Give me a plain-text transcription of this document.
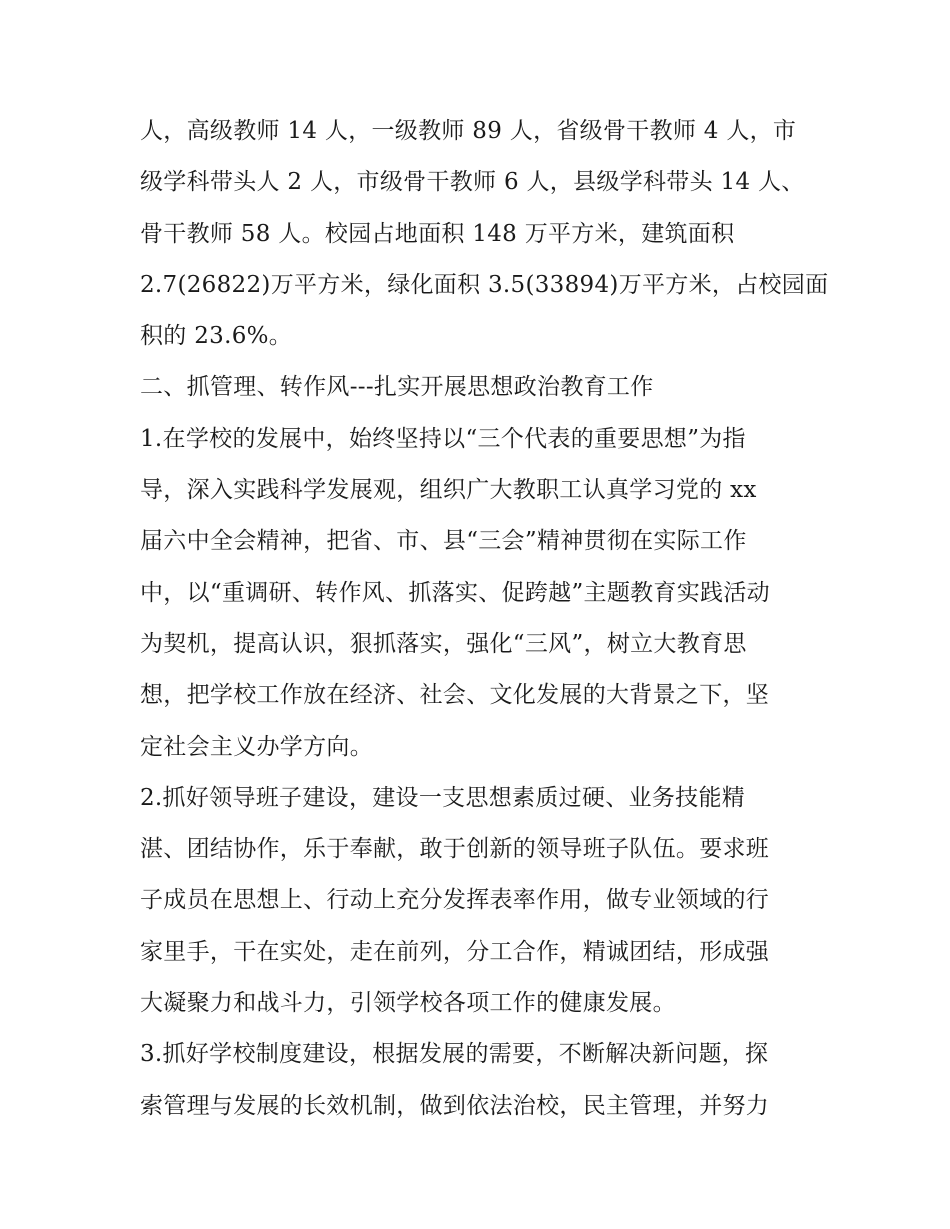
人，高级教师 14 人，一级教师 89 人，省级骨干教师 4 人，市
级学科带头人 2 人，市级骨干教师 6 人，县级学科带头 14 人、
骨干教师 58 人。校园占地面积 148 万平方米，建筑面积
2.7(26822)万平方米，绿化面积 3.5(33894)万平方米，占校园面
积的 23.6%。
二、抓管理、转作风---扎实开展思想政治教育工作
1.在学校的发展中，始终坚持以“三个代表的重要思想”为指
导，深入实践科学发展观，组织广大教职工认真学习党的 xx
届六中全会精神，把省、市、县“三会”精神贯彻在实际工作
中，以“重调研、转作风、抓落实、促跨越”主题教育实践活动
为契机，提高认识，狠抓落实，强化“三风”，树立大教育思
想，把学校工作放在经济、社会、文化发展的大背景之下，坚
定社会主义办学方向。
2.抓好领导班子建设，建设一支思想素质过硬、业务技能精
湛、团结协作，乐于奉献，敢于创新的领导班子队伍。要求班
子成员在思想上、行动上充分发挥表率作用，做专业领域的行
家里手，干在实处，走在前列，分工合作，精诚团结，形成强
大凝聚力和战斗力，引领学校各项工作的健康发展。
3.抓好学校制度建设，根据发展的需要，不断解决新问题，探
索管理与发展的长效机制，做到依法治校，民主管理，并努力
